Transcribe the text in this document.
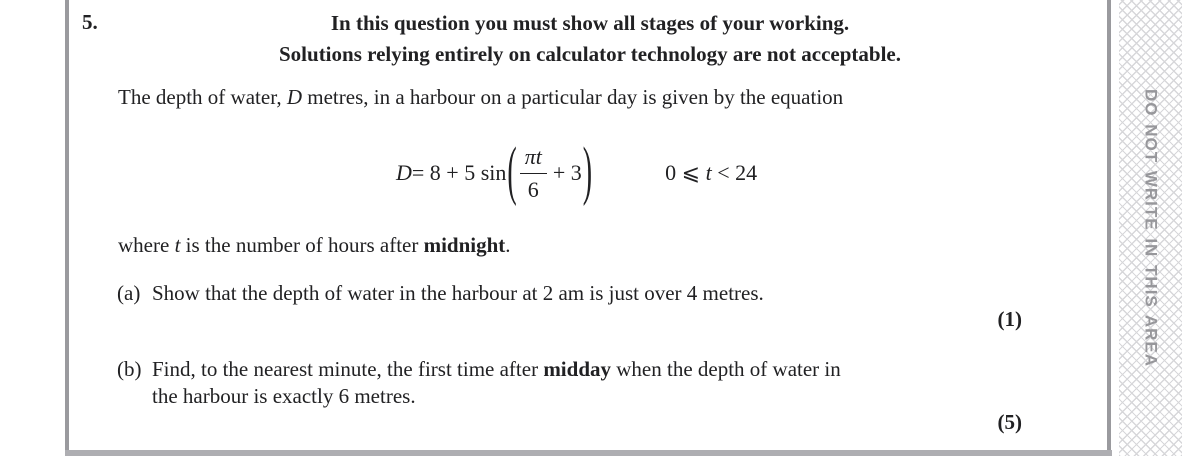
DO NOT WRITE IN THIS AREA
5.	In this question you must show all stages of your working.
Solutions relying entirely on calculator technology are not acceptable.
The depth of water, D metres, in a harbour on a particular day is given by the equation
D = 8 + 5 sin ( $\frac{\pi t}{6} + 3$ )	0 ⩽ t < 24
where t is the number of hours after midnight.
(a) Show that the depth of water in the harbour at 2 am is just over 4 metres.
(1)
(b) Find, to the nearest minute, the first time after midday when the depth of water in
the harbour is exactly 6 metres.
(5)
